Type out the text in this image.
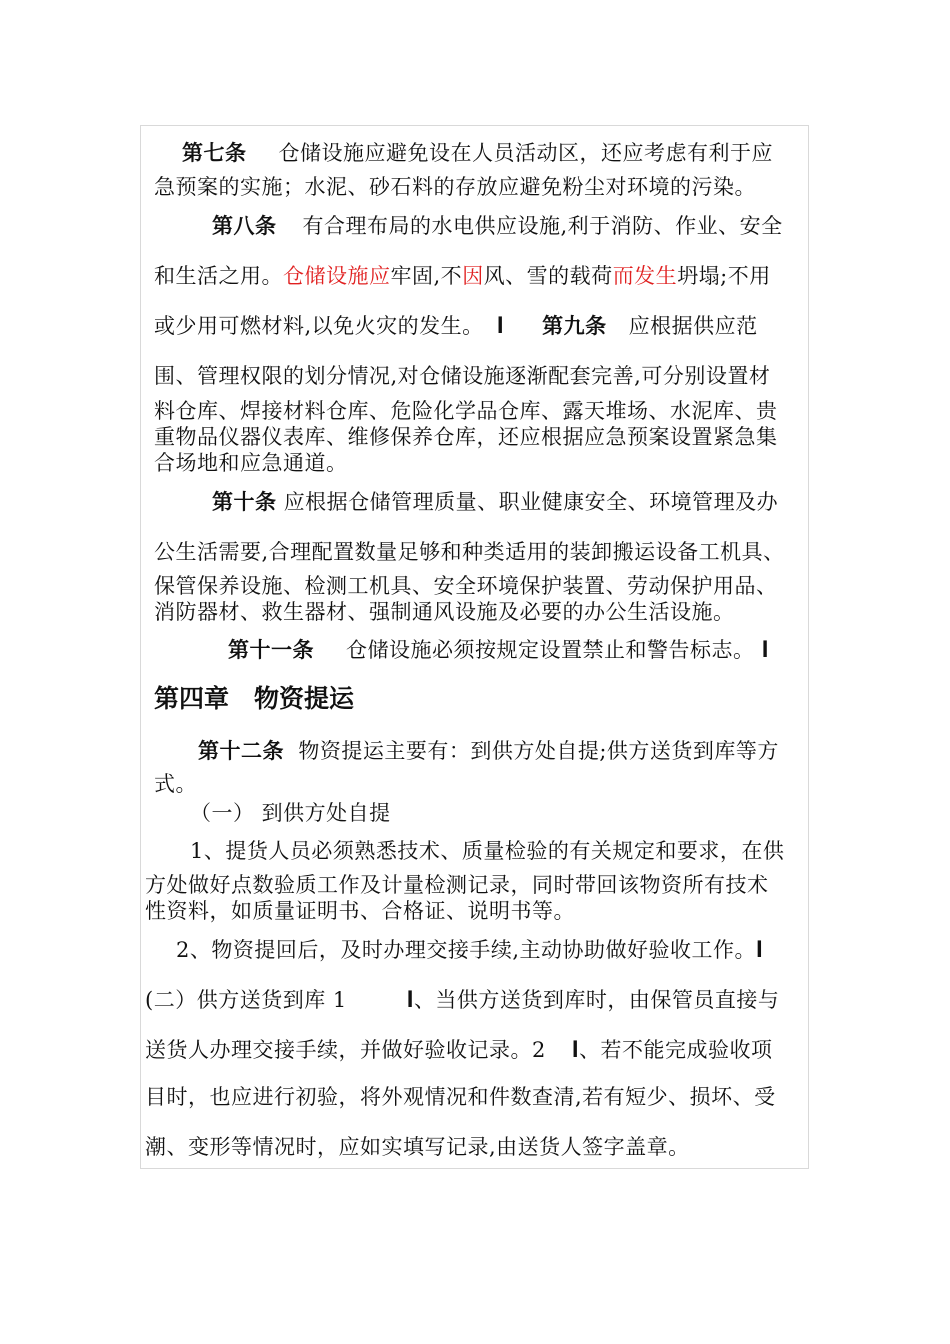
第七条 仓储设施应避免设在人员活动区，还应考虑有利于应
急预案的实施；水泥、砂石料的存放应避免粉尘对环境的污染。
第八条 有合理布局的水电供应设施,利于消防、作业、安全
和生活之用。仓储设施应牢固,不因风、雪的载荷而发生坍塌;不用
或少用可燃材料,以免火灾的发生。 ꟾ 第九条 应根据供应范
围、管理权限的划分情况,对仓储设施逐渐配套完善,可分别设置材
料仓库、焊接材料仓库、危险化学品仓库、露天堆场、水泥库、贵
重物品仪器仪表库、维修保养仓库，还应根据应急预案设置紧急集
合场地和应急通道。
第十条 应根据仓储管理质量、职业健康安全、环境管理及办
公生活需要,合理配置数量足够和种类适用的装卸搬运设备工机具、
保管保养设施、检测工机具、安全环境保护装置、劳动保护用品、
消防器材、救生器材、强制通风设施及必要的办公生活设施。
第十一条 仓储设施必须按规定设置禁止和警告标志。 ꟾ
第四章　物资提运
第十二条 物资提运主要有：到供方处自提;供方送货到库等方
式。
（一） 到供方处自提
1、提货人员必须熟悉技术、质量检验的有关规定和要求，在供
方处做好点数验质工作及计量检测记录，同时带回该物资所有技术
性资料，如质量证明书、合格证、说明书等。
2、物资提回后，及时办理交接手续,主动协助做好验收工作。ꟾ
(二）供方送货到库 1	ꟾ、当供方送货到库时，由保管员直接与
送货人办理交接手续，并做好验收记录。2 ꟾ、若不能完成验收项
目时，也应进行初验，将外观情况和件数查清,若有短少、损坏、受
潮、变形等情况时，应如实填写记录,由送货人签字盖章。
